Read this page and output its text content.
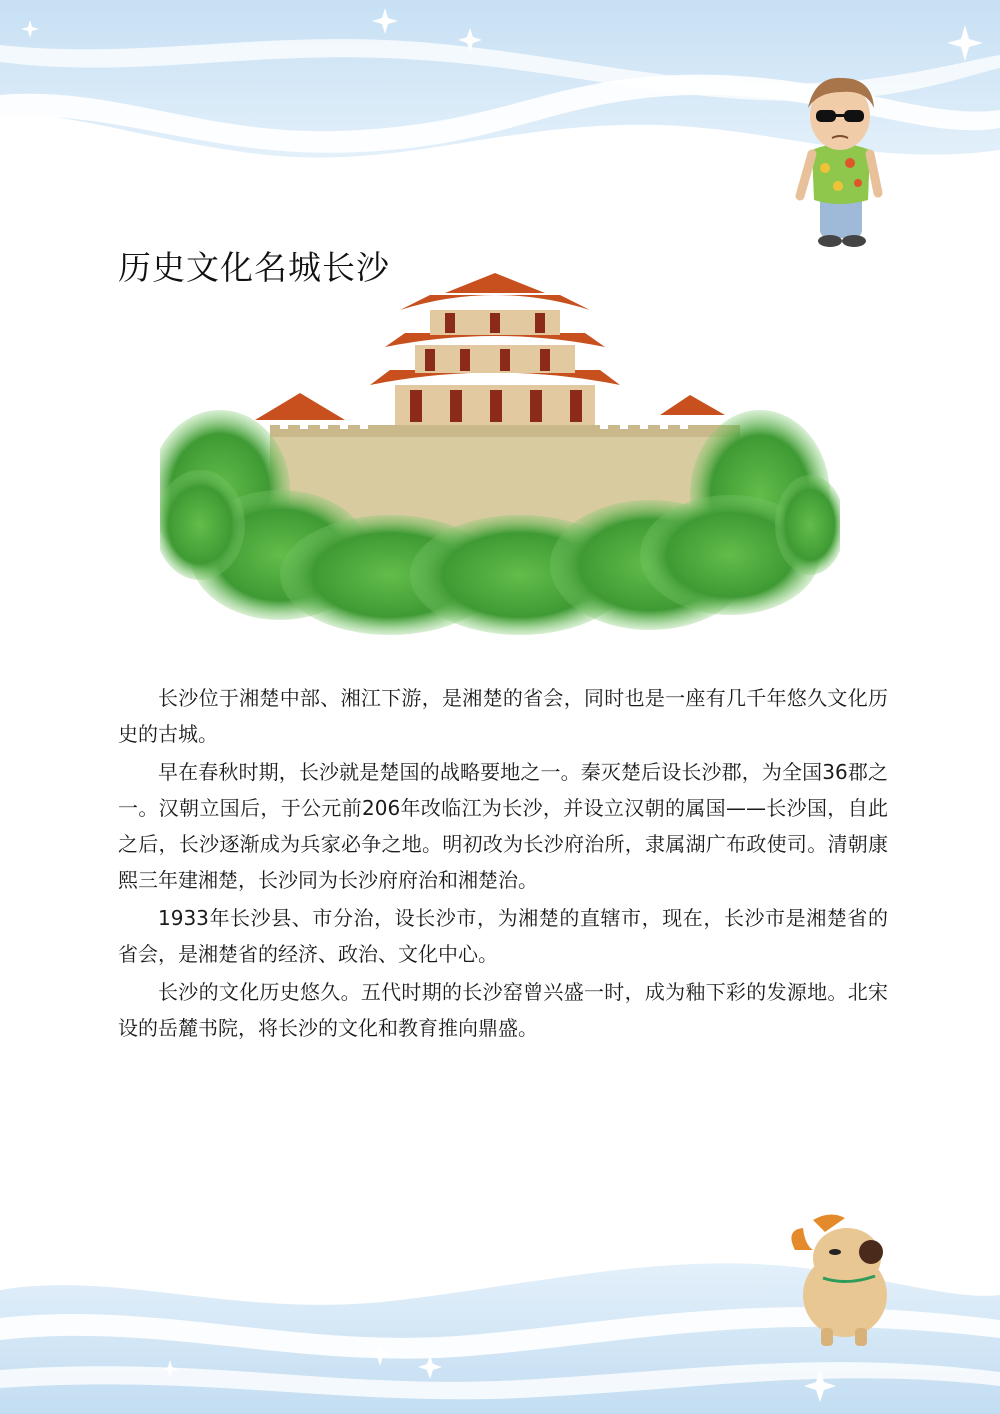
历史文化名城长沙

长沙位于湘楚中部、湘江下游，是湘楚的省会，同时也是一座有几千年悠久文化历史的古城。

早在春秋时期，长沙就是楚国的战略要地之一。秦灭楚后设长沙郡，为全国36郡之一。汉朝立国后，于公元前206年改临江为长沙，并设立汉朝的属国——长沙国，自此之后，长沙逐渐成为兵家必争之地。明初改为长沙府治所，隶属湖广布政使司。清朝康熙三年建湘楚，长沙同为长沙府府治和湘楚治。

1933年长沙县、市分治，设长沙市，为湘楚的直辖市，现在，长沙市是湘楚省的省会，是湘楚省的经济、政治、文化中心。

长沙的文化历史悠久。五代时期的长沙窑曾兴盛一时，成为釉下彩的发源地。北宋设的岳麓书院，将长沙的文化和教育推向鼎盛。
